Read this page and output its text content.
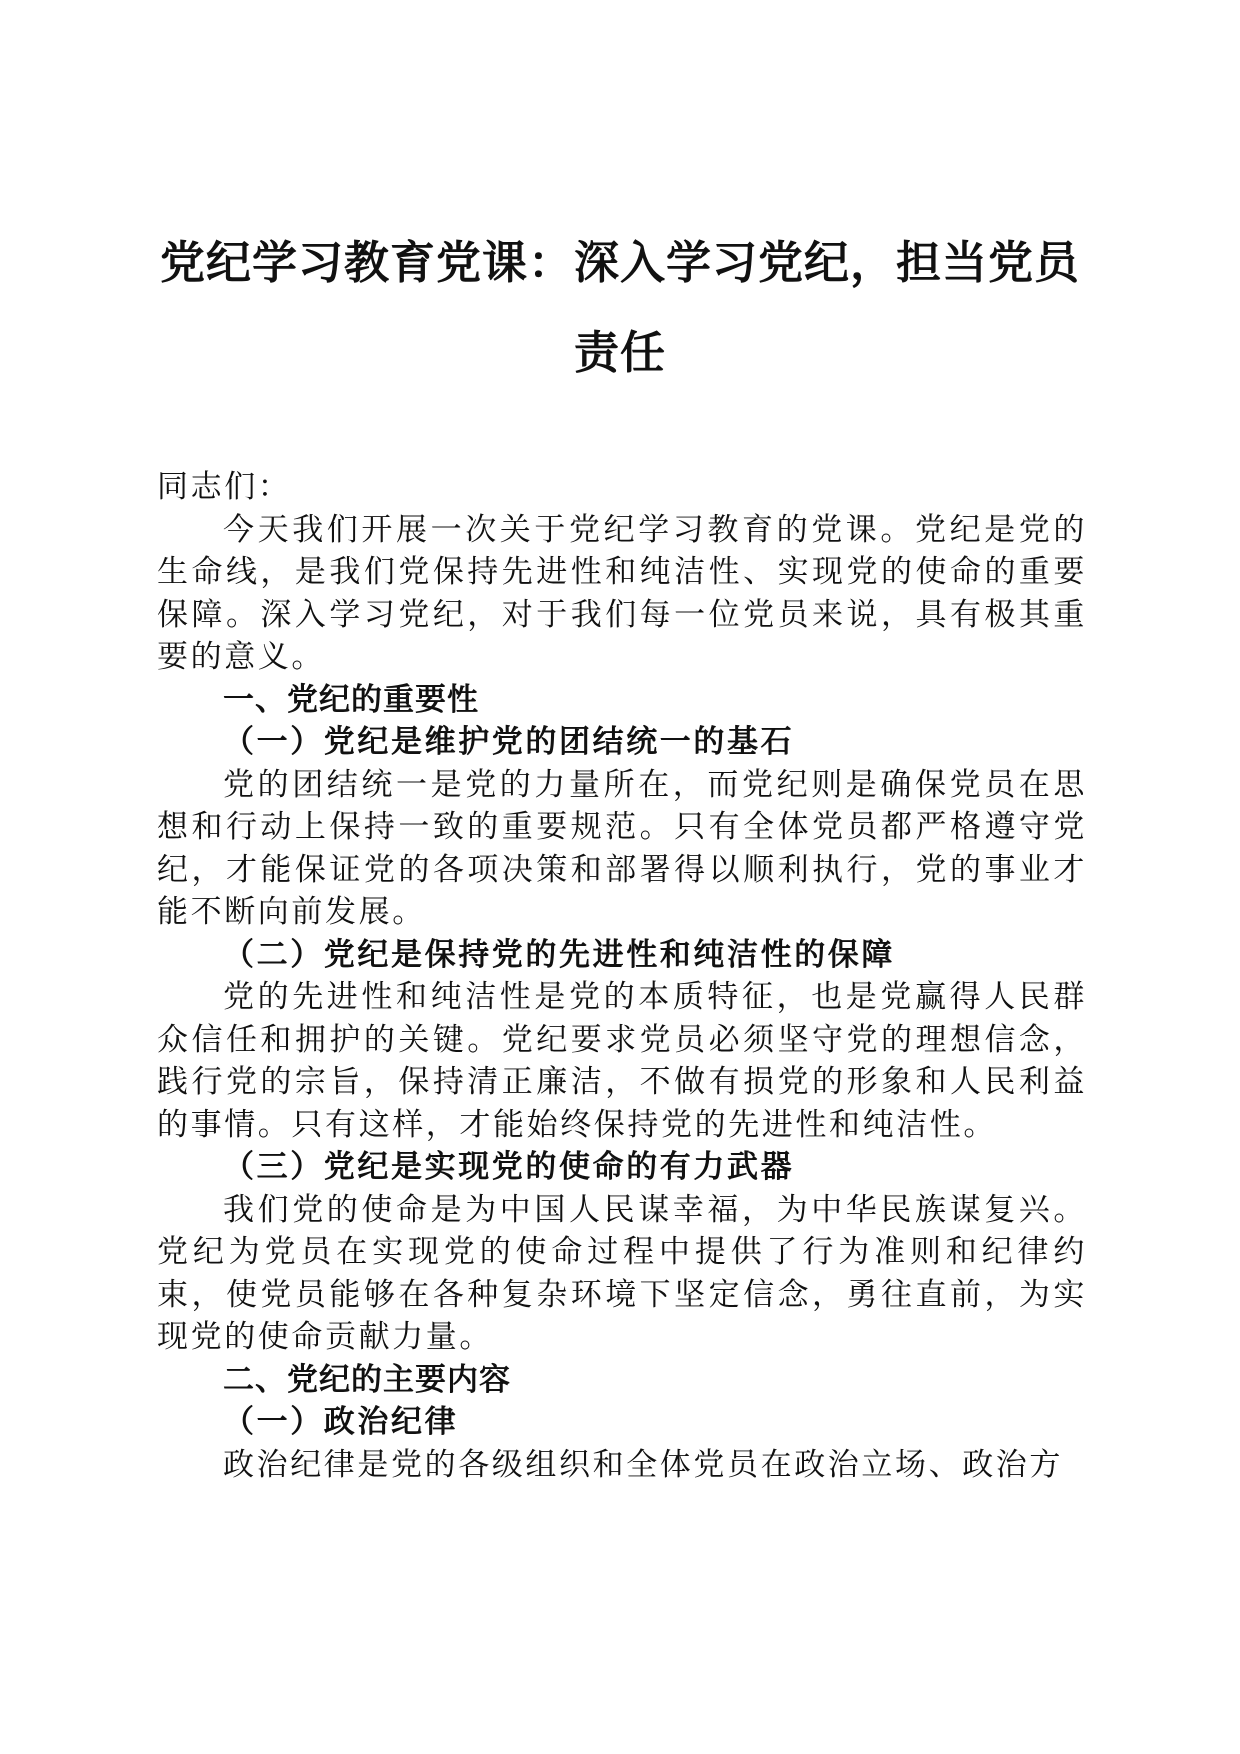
党纪学习教育党课：深入学习党纪，担当党员责任

同志们：

今天我们开展一次关于党纪学习教育的党课。党纪是党的生命线，是我们党保持先进性和纯洁性、实现党的使命的重要保障。深入学习党纪，对于我们每一位党员来说，具有极其重要的意义。

一、党纪的重要性

（一）党纪是维护党的团结统一的基石

党的团结统一是党的力量所在，而党纪则是确保党员在思想和行动上保持一致的重要规范。只有全体党员都严格遵守党纪，才能保证党的各项决策和部署得以顺利执行，党的事业才能不断向前发展。

（二）党纪是保持党的先进性和纯洁性的保障

党的先进性和纯洁性是党的本质特征，也是党赢得人民群众信任和拥护的关键。党纪要求党员必须坚守党的理想信念，践行党的宗旨，保持清正廉洁，不做有损党的形象和人民利益的事情。只有这样，才能始终保持党的先进性和纯洁性。

（三）党纪是实现党的使命的有力武器

我们党的使命是为中国人民谋幸福，为中华民族谋复兴。党纪为党员在实现党的使命过程中提供了行为准则和纪律约束，使党员能够在各种复杂环境下坚定信念，勇往直前，为实现党的使命贡献力量。

二、党纪的主要内容

（一）政治纪律

政治纪律是党的各级组织和全体党员在政治立场、政治方
